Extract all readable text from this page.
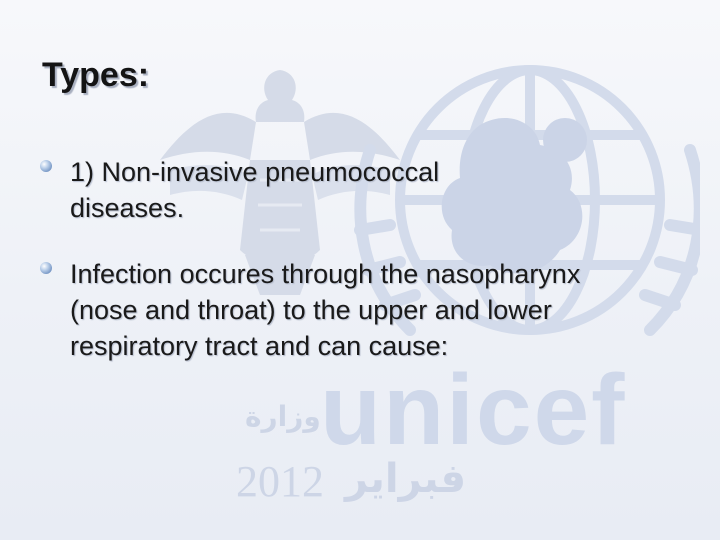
unicef
وزارة
2012 فبراير
Types:
1) Non-invasive pneumococcal diseases.
Infection occures through the nasopharynx (nose and throat) to the upper and lower respiratory tract and can cause:
